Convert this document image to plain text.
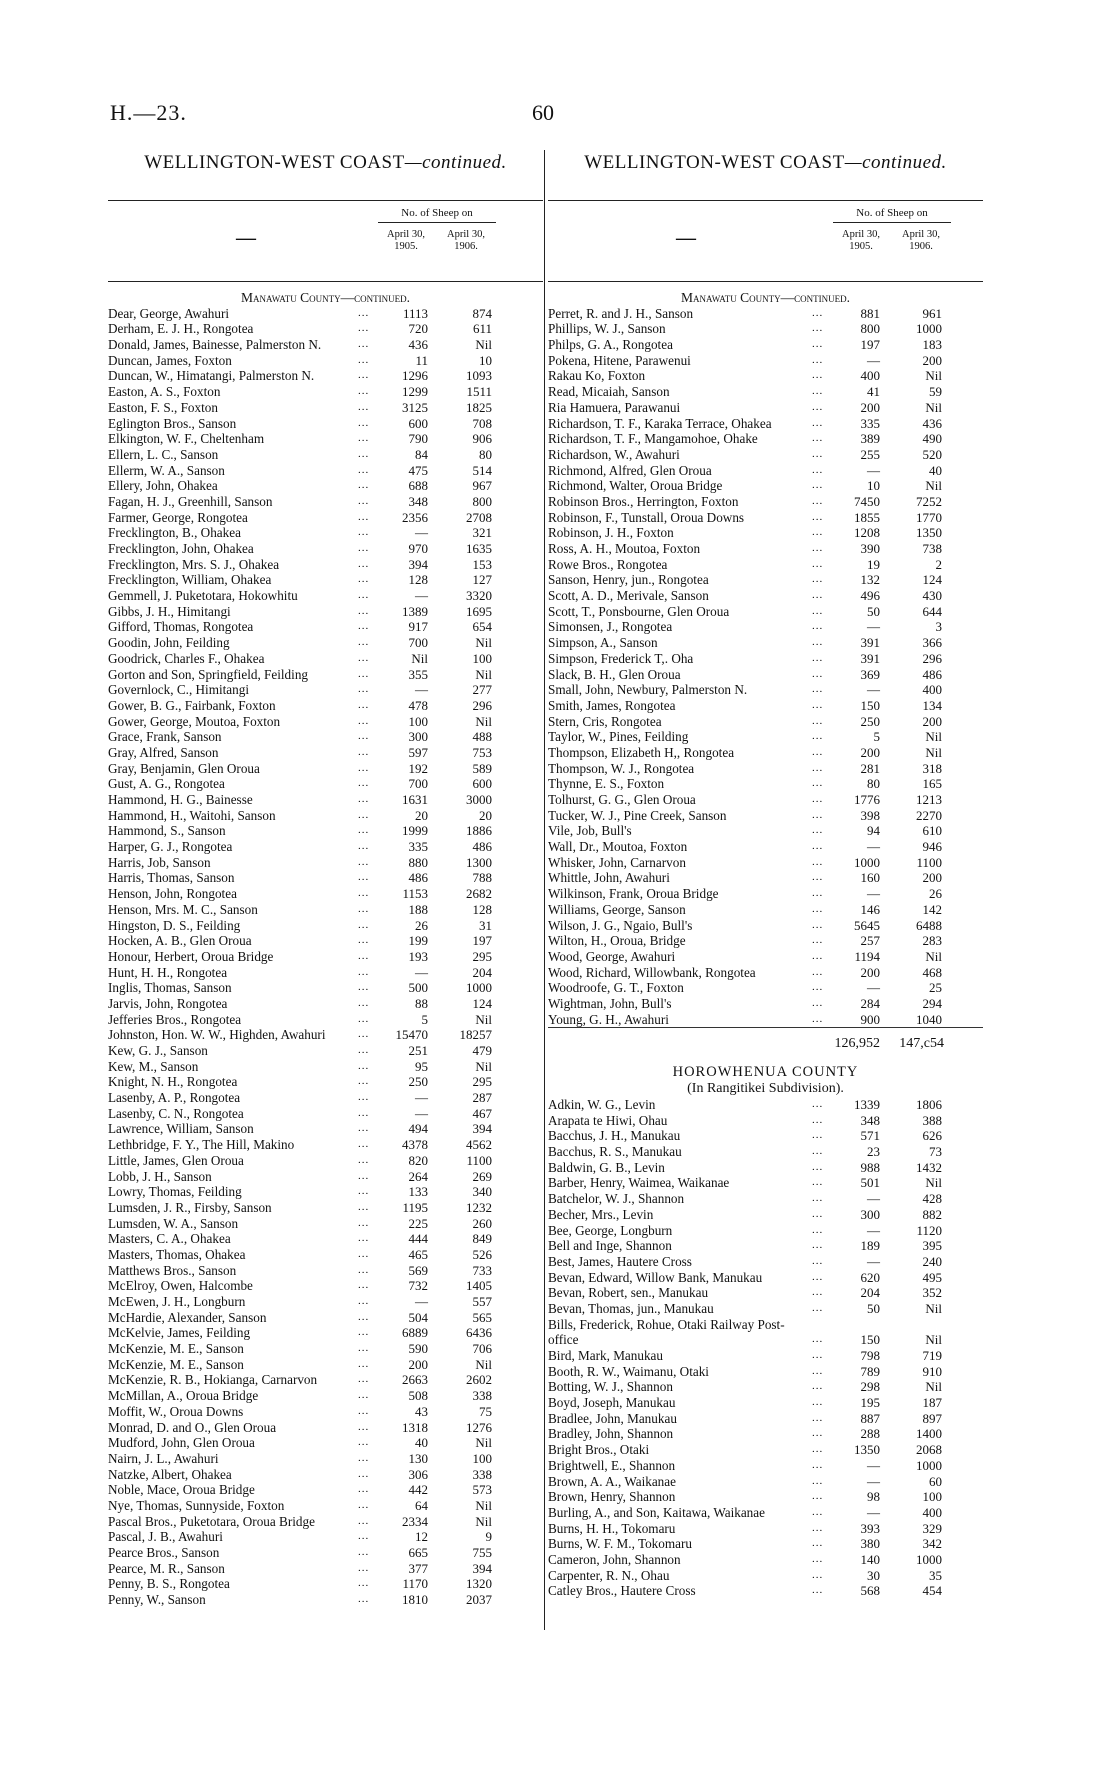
H.—23.	60
WELLINGTON-WEST COAST—continued.
—
No. of Sheep on
April 30, 1905.
April 30, 1906.
Manawatu County—continued.
Dear, George, Awahuri	...	1113	874
Derham, E. J. H., Rongotea	...	720	611
Donald, James, Bainesse, Palmerston N.	...	436	Nil
Duncan, James, Foxton	...	11	10
Duncan, W., Himatangi, Palmerston N.	...	1296	1093
Easton, A. S., Foxton	...	1299	1511
Easton, F. S., Foxton	...	3125	1825
Eglington Bros., Sanson	...	600	708
Elkington, W. F., Cheltenham	...	790	906
Ellern, L. C., Sanson	...	84	80
Ellerm, W. A., Sanson	...	475	514
Ellery, John, Ohakea	...	688	967
Fagan, H. J., Greenhill, Sanson	...	348	800
Farmer, George, Rongotea	...	2356	2708
Frecklington, B., Ohakea	...	—	321
Frecklington, John, Ohakea	...	970	1635
Frecklington, Mrs. S. J., Ohakea	...	394	153
Frecklington, William, Ohakea	...	128	127
Gemmell, J. Puketotara, Hokowhitu	...	—	3320
Gibbs, J. H., Himitangi	...	1389	1695
Gifford, Thomas, Rongotea	...	917	654
Goodin, John, Feilding	...	700	Nil
Goodrick, Charles F., Ohakea	...	Nil	100
Gorton and Son, Springfield, Feilding	...	355	Nil
Governlock, C., Himitangi	...	—	277
Gower, B. G., Fairbank, Foxton	...	478	296
Gower, George, Moutoa, Foxton	...	100	Nil
Grace, Frank, Sanson	...	300	488
Gray, Alfred, Sanson	...	597	753
Gray, Benjamin, Glen Oroua	...	192	589
Gust, A. G., Rongotea	...	700	600
Hammond, H. G., Bainesse	...	1631	3000
Hammond, H., Waitohi, Sanson	...	20	20
Hammond, S., Sanson	...	1999	1886
Harper, G. J., Rongotea	...	335	486
Harris, Job, Sanson	...	880	1300
Harris, Thomas, Sanson	...	486	788
Henson, John, Rongotea	...	1153	2682
Henson, Mrs. M. C., Sanson	...	188	128
Hingston, D. S., Feilding	...	26	31
Hocken, A. B., Glen Oroua	...	199	197
Honour, Herbert, Oroua Bridge	...	193	295
Hunt, H. H., Rongotea	...	—	204
Inglis, Thomas, Sanson	...	500	1000
Jarvis, John, Rongotea	...	88	124
Jefferies Bros., Rongotea	...	5	Nil
Johnston, Hon. W. W., Highden, Awahuri	...	15470	18257
Kew, G. J., Sanson	...	251	479
Kew, M., Sanson	...	95	Nil
Knight, N. H., Rongotea	...	250	295
Lasenby, A. P., Rongotea	...	—	287
Lasenby, C. N., Rongotea	...	—	467
Lawrence, William, Sanson	...	494	394
Lethbridge, F. Y., The Hill, Makino	...	4378	4562
Little, James, Glen Oroua	...	820	1100
Lobb, J. H., Sanson	...	264	269
Lowry, Thomas, Feilding	...	133	340
Lumsden, J. R., Firsby, Sanson	...	1195	1232
Lumsden, W. A., Sanson	...	225	260
Masters, C. A., Ohakea	...	444	849
Masters, Thomas, Ohakea	...	465	526
Matthews Bros., Sanson	...	569	733
McElroy, Owen, Halcombe	...	732	1405
McEwen, J. H., Longburn	...	—	557
McHardie, Alexander, Sanson	...	504	565
McKelvie, James, Feilding	...	6889	6436
McKenzie, M. E., Sanson	...	590	706
McKenzie, M. E., Sanson	...	200	Nil
McKenzie, R. B., Hokianga, Carnarvon	...	2663	2602
McMillan, A., Oroua Bridge	...	508	338
Moffit, W., Oroua Downs	...	43	75
Monrad, D. and O., Glen Oroua	...	1318	1276
Mudford, John, Glen Oroua	...	40	Nil
Nairn, J. L., Awahuri	...	130	100
Natzke, Albert, Ohakea	...	306	338
Noble, Mace, Oroua Bridge	...	442	573
Nye, Thomas, Sunnyside, Foxton	...	64	Nil
Pascal Bros., Puketotara, Oroua Bridge	...	2334	Nil
Pascal, J. B., Awahuri	...	12	9
Pearce Bros., Sanson	...	665	755
Pearce, M. R., Sanson	...	377	394
Penny, B. S., Rongotea	...	1170	1320
Penny, W., Sanson	...	1810	2037
WELLINGTON-WEST COAST—continued.
—
No. of Sheep on
April 30, 1905.
April 30, 1906.
Manawatu County—continued.
Perret, R. and J. H., Sanson	...	881	961
Phillips, W. J., Sanson	...	800	1000
Philps, G. A., Rongotea	...	197	183
Pokena, Hitene, Parawenui	...	—	200
Rakau Ko, Foxton	...	400	Nil
Read, Micaiah, Sanson	...	41	59
Ria Hamuera, Parawanui	...	200	Nil
Richardson, T. F., Karaka Terrace, Ohakea	...	335	436
Richardson, T. F., Mangamohoe, Ohake	...	389	490
Richardson, W., Awahuri	...	255	520
Richmond, Alfred, Glen Oroua	...	—	40
Richmond, Walter, Oroua Bridge	...	10	Nil
Robinson Bros., Herrington, Foxton	...	7450	7252
Robinson, F., Tunstall, Oroua Downs	...	1855	1770
Robinson, J. H., Foxton	...	1208	1350
Ross, A. H., Moutoa, Foxton	...	390	738
Rowe Bros., Rongotea	...	19	2
Sanson, Henry, jun., Rongotea	...	132	124
Scott, A. D., Merivale, Sanson	...	496	430
Scott, T., Ponsbourne, Glen Oroua	...	50	644
Simonsen, J., Rongotea	...	—	3
Simpson, A., Sanson	...	391	366
Simpson, Frederick T,. Oha	...	391	296
Slack, B. H., Glen Oroua	...	369	486
Small, John, Newbury, Palmerston N.	...	—	400
Smith, James, Rongotea	...	150	134
Stern, Cris, Rongotea	...	250	200
Taylor, W., Pines, Feilding	...	5	Nil
Thompson, Elizabeth H,, Rongotea	...	200	Nil
Thompson, W. J., Rongotea	...	281	318
Thynne, E. S., Foxton	...	80	165
Tolhurst, G. G., Glen Oroua	...	1776	1213
Tucker, W. J., Pine Creek, Sanson	...	398	2270
Vile, Job, Bull's	...	94	610
Wall, Dr., Moutoa, Foxton	...	—	946
Whisker, John, Carnarvon	...	1000	1100
Whittle, John, Awahuri	...	160	200
Wilkinson, Frank, Oroua Bridge	...	—	26
Williams, George, Sanson	...	146	142
Wilson, J. G., Ngaio, Bull's	...	5645	6488
Wilton, H., Oroua, Bridge	...	257	283
Wood, George, Awahuri	...	1194	Nil
Wood, Richard, Willowbank, Rongotea	...	200	468
Woodroofe, G. T., Foxton	...	—	25
Wightman, John, Bull's	...	284	294
Young, G. H., Awahuri	...	900	1040
126,952	147,c54
HOROWHENUA COUNTY
(In Rangitikei Subdivision).
Adkin, W. G., Levin	...	1339	1806
Arapata te Hiwi, Ohau	...	348	388
Bacchus, J. H., Manukau	...	571	626
Bacchus, R. S., Manukau	...	23	73
Baldwin, G. B., Levin	...	988	1432
Barber, Henry, Waimea, Waikanae	...	501	Nil
Batchelor, W. J., Shannon	...	—	428
Becher, Mrs., Levin	...	300	882
Bee, George, Longburn	...	—	1120
Bell and Inge, Shannon	...	189	395
Best, James, Hautere Cross	...	—	240
Bevan, Edward, Willow Bank, Manukau	...	620	495
Bevan, Robert, sen., Manukau	...	204	352
Bevan, Thomas, jun., Manukau	...	50	Nil
Bills, Frederick, Rohue, Otaki Railway Post-office	...	150	Nil
Bird, Mark, Manukau	...	798	719
Booth, R. W., Waimanu, Otaki	...	789	910
Botting, W. J., Shannon	...	298	Nil
Boyd, Joseph, Manukau	...	195	187
Bradlee, John, Manukau	...	887	897
Bradley, John, Shannon	...	288	1400
Bright Bros., Otaki	...	1350	2068
Brightwell, E., Shannon	...	—	1000
Brown, A. A., Waikanae	...	—	60
Brown, Henry, Shannon	...	98	100
Burling, A., and Son, Kaitawa, Waikanae	...	—	400
Burns, H. H., Tokomaru	...	393	329
Burns, W. F. M., Tokomaru	...	380	342
Cameron, John, Shannon	...	140	1000
Carpenter, R. N., Ohau	...	30	35
Catley Bros., Hautere Cross	...	568	454
